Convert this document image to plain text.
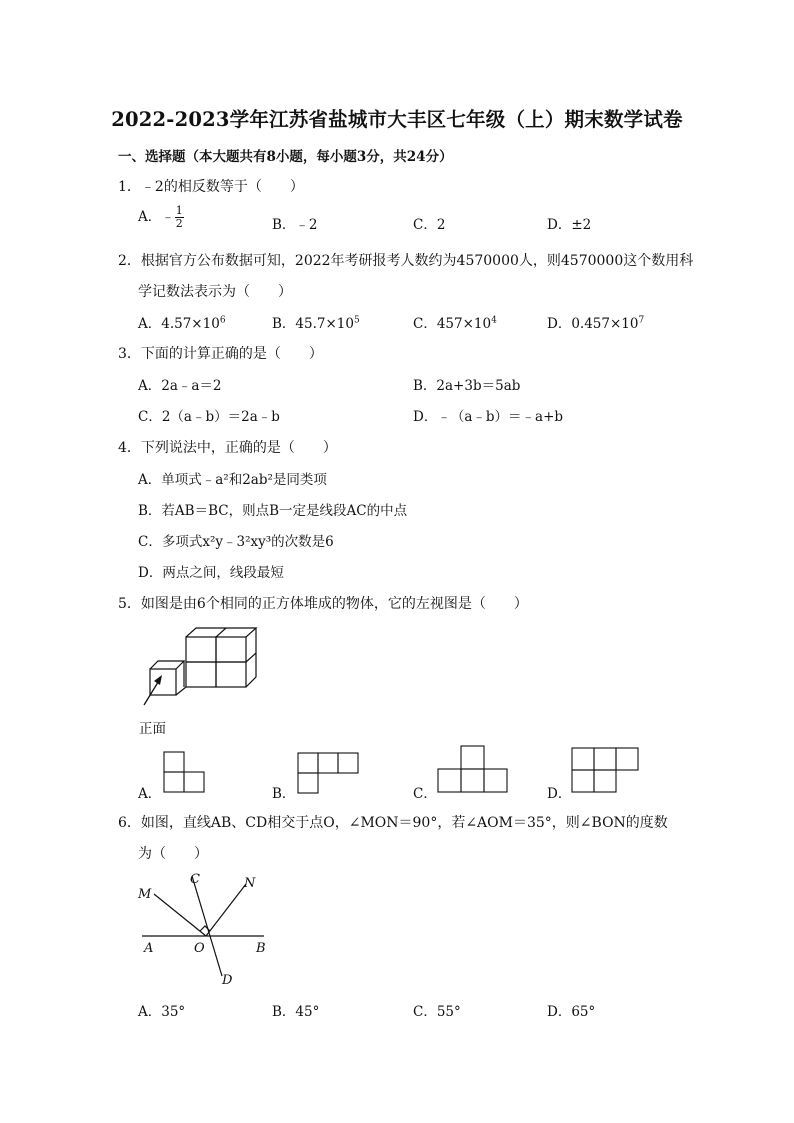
2022-2023学年江苏省盐城市大丰区七年级（上）期末数学试卷
一、选择题（本大题共有8小题，每小题3分，共24分）
1．﹣2的相反数等于（　　）
A．﹣ $\frac{1}{2}$	B．﹣2	C．2	D．±2
2．根据官方公布数据可知，2022年考研报考人数约为4570000人，则4570000这个数用科
学记数法表示为（　　）
A．$4.57\times 10^6$	B．$45.7\times 10^5$	C．$457\times 10^4$	D．$0.457\times 10^7$
3．下面的计算正确的是（　　）
A．2a﹣a＝2	B．2a+3b＝5ab
C．2（a﹣b）＝2a﹣b	D．﹣（a﹣b）＝﹣a+b
4．下列说法中，正确的是（　　）
A．单项式﹣a²和2ab²是同类项
B．若AB＝BC，则点B一定是线段AC的中点
C．多项式x²y﹣3²xy³的次数是6
D．两点之间，线段最短
5．如图是由6个相同的正方体堆成的物体，它的左视图是（　　）
正面
A．	B．	C．	D．
6．如图，直线AB、CD相交于点O，∠MON＝90°，若∠AOM＝35°，则∠BON的度数
为（　　）
M
C	N
A	O	B
D
A．35°	B．45°	C．55°	D．65°
